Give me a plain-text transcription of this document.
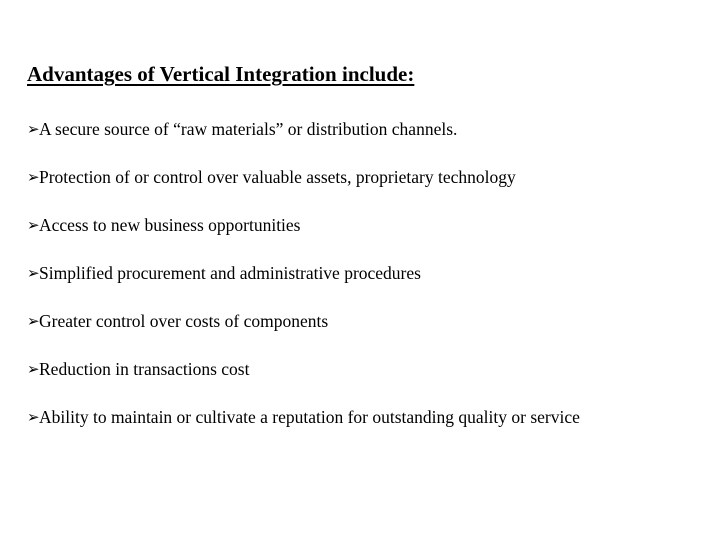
Advantages of Vertical Integration include:
➢ A secure source of “raw materials” or distribution channels.
➢ Protection of or control over valuable assets, proprietary technology
➢ Access to new business opportunities
➢ Simplified procurement and administrative procedures
➢ Greater control over costs of components
➢ Reduction in transactions cost
➢ Ability to maintain or cultivate a reputation for outstanding quality or service
